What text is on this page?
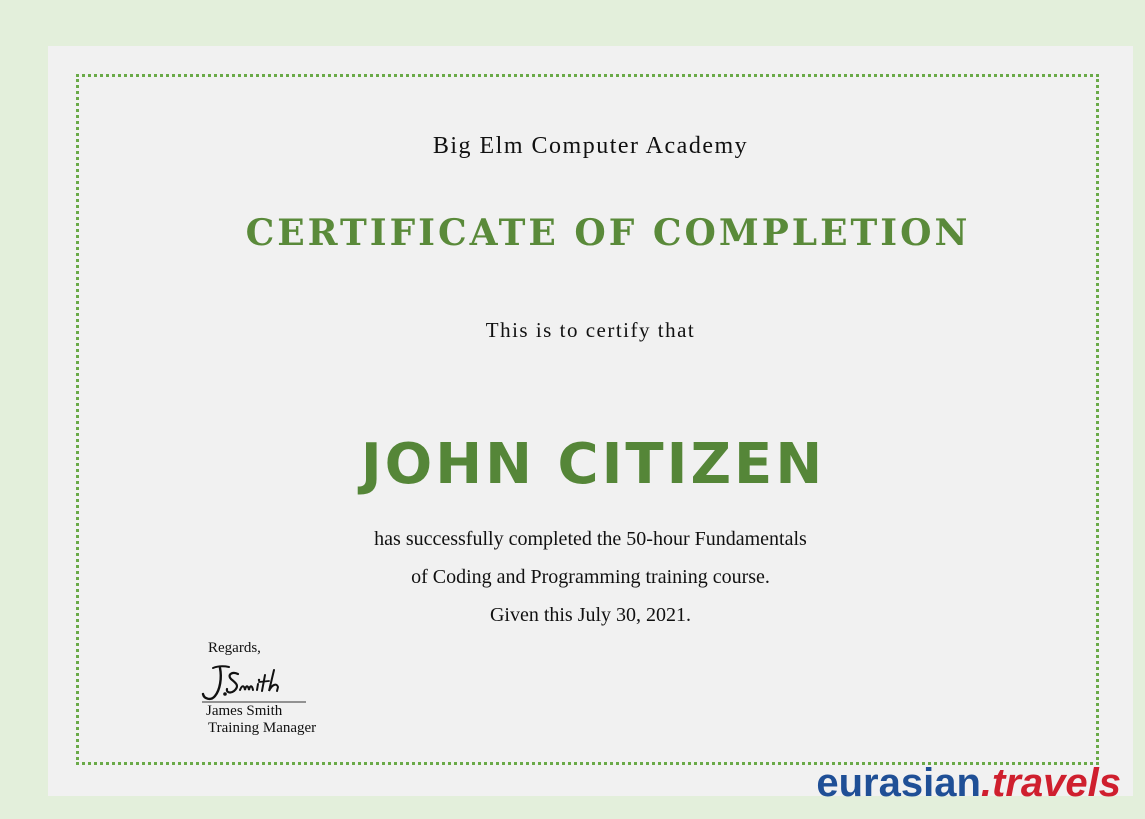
Big Elm Computer Academy
CERTIFICATE OF COMPLETION
This is to certify that
JOHN CITIZEN
has successfully completed the 50-hour Fundamentals
of Coding and Programming training course.
Given this July 30, 2021.
Regards,
James Smith
Training Manager
eurasian.travels
